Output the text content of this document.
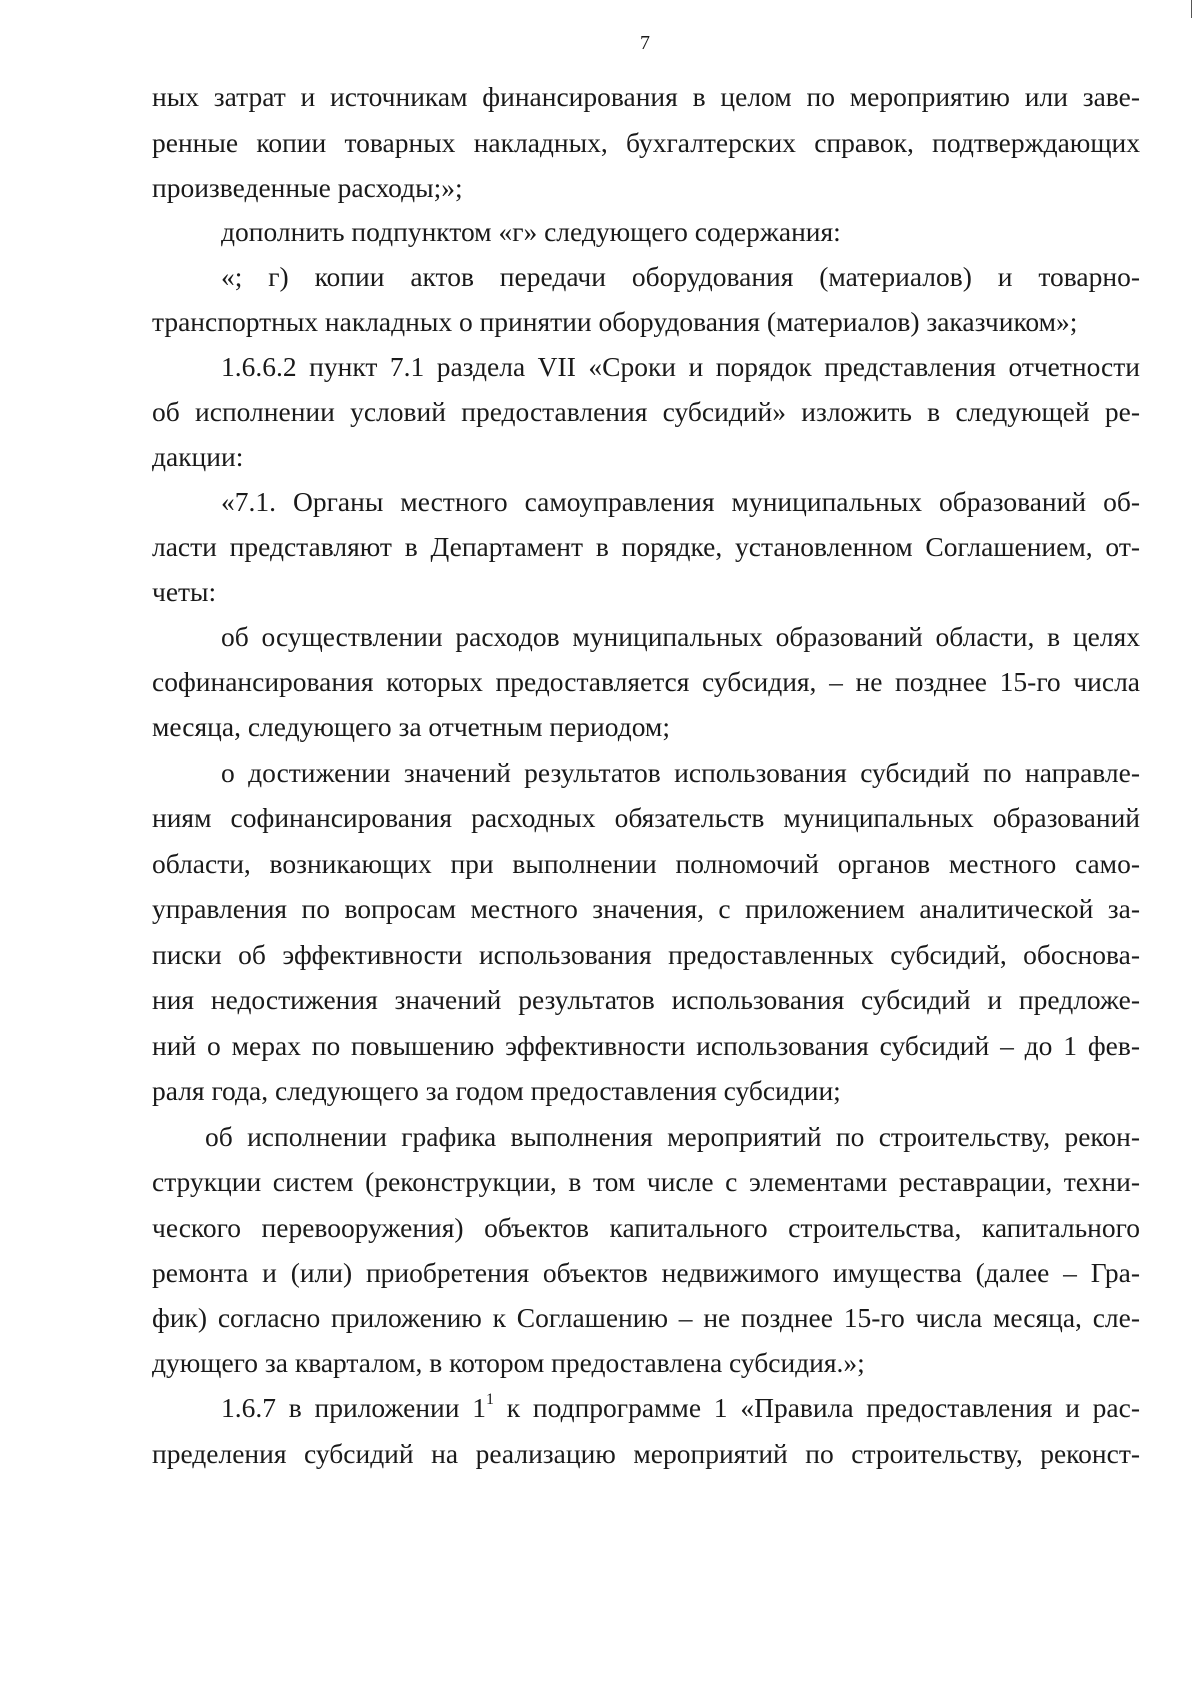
7
ных затрат и источникам финансирования в целом по мероприятию или заве-
ренные копии товарных накладных, бухгалтерских справок, подтверждающих
произведенные расходы;»;
дополнить подпунктом «г» следующего содержания:
«; г) копии актов передачи оборудования (материалов) и товарно-
транспортных накладных о принятии оборудования (материалов) заказчиком»;
1.6.6.2 пункт 7.1 раздела VII «Сроки и порядок представления отчетности
об исполнении условий предоставления субсидий» изложить в следующей ре-
дакции:
«7.1. Органы местного самоуправления муниципальных образований об-
ласти представляют в Департамент в порядке, установленном Соглашением, от-
четы:
об осуществлении расходов муниципальных образований области, в целях
софинансирования которых предоставляется субсидия, – не позднее 15-го числа
месяца, следующего за отчетным периодом;
о достижении значений результатов использования субсидий по направле-
ниям софинансирования расходных обязательств муниципальных образований
области, возникающих при выполнении полномочий органов местного само-
управления по вопросам местного значения, с приложением аналитической за-
писки об эффективности использования предоставленных субсидий, обоснова-
ния недостижения значений результатов использования субсидий и предложе-
ний о мерах по повышению эффективности использования субсидий – до 1 фев-
раля года, следующего за годом предоставления субсидии;
об исполнении графика выполнения мероприятий по строительству, рекон-
струкции систем (реконструкции, в том числе с элементами реставрации, техни-
ческого перевооружения) объектов капитального строительства, капитального
ремонта и (или) приобретения объектов недвижимого имущества (далее – Гра-
фик) согласно приложению к Соглашению – не позднее 15-го числа месяца, сле-
дующего за кварталом, в котором предоставлена субсидия.»;
1.6.7 в приложении $1^1$ к подпрограмме 1 «Правила предоставления и рас-
пределения субсидий на реализацию мероприятий по строительству, реконст-
